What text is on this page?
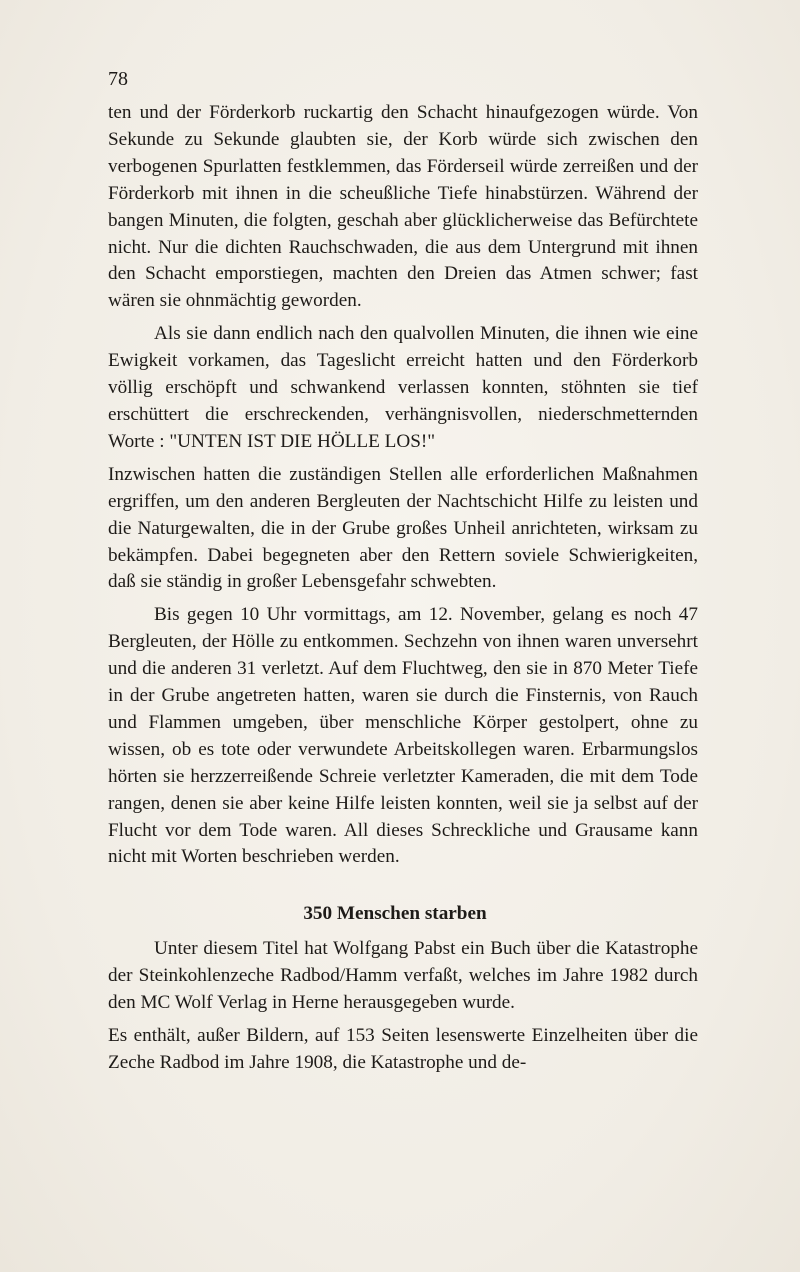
78

ten und der Förderkorb ruckartig den Schacht hinaufgezogen würde. Von Sekunde zu Sekunde glaubten sie, der Korb würde sich zwischen den verbogenen Spurlatten festklemmen, das Förderseil würde zerreißen und der Förderkorb mit ihnen in die scheußliche Tiefe hinabstürzen. Während der bangen Minuten, die folgten, geschah aber glücklicherweise das Befürchtete nicht. Nur die dichten Rauchschwaden, die aus dem Untergrund mit ihnen den Schacht emporstiegen, machten den Dreien das Atmen schwer; fast wären sie ohnmächtig geworden.

Als sie dann endlich nach den qualvollen Minuten, die ihnen wie eine Ewigkeit vorkamen, das Tageslicht erreicht hatten und den Förderkorb völlig erschöpft und schwankend verlassen konnten, stöhnten sie tief erschüttert die erschreckenden, verhängnisvollen, niederschmetternden Worte : "UNTEN IST DIE HÖLLE LOS!"

Inzwischen hatten die zuständigen Stellen alle erforderlichen Maßnahmen ergriffen, um den anderen Bergleuten der Nachtschicht Hilfe zu leisten und die Naturgewalten, die in der Grube großes Unheil anrichteten, wirksam zu bekämpfen. Dabei begegneten aber den Rettern soviele Schwierigkeiten, daß sie ständig in großer Lebensgefahr schwebten.

Bis gegen 10 Uhr vormittags, am 12. November, gelang es noch 47 Bergleuten, der Hölle zu entkommen. Sechzehn von ihnen waren unversehrt und die anderen 31 verletzt. Auf dem Fluchtweg, den sie in 870 Meter Tiefe in der Grube angetreten hatten, waren sie durch die Finsternis, von Rauch und Flammen umgeben, über menschliche Körper gestolpert, ohne zu wissen, ob es tote oder verwundete Arbeitskollegen waren. Erbarmungslos hörten sie herzzerreißende Schreie verletzter Kameraden, die mit dem Tode rangen, denen sie aber keine Hilfe leisten konnten, weil sie ja selbst auf der Flucht vor dem Tode waren. All dieses Schreckliche und Grausame kann nicht mit Worten beschrieben werden.

350 Menschen starben

Unter diesem Titel hat Wolfgang Pabst ein Buch über die Katastrophe der Steinkohlenzeche Radbod/Hamm verfaßt, welches im Jahre 1982 durch den MC Wolf Verlag in Herne herausgegeben wurde.

Es enthält, außer Bildern, auf 153 Seiten lesenswerte Einzelheiten über die Zeche Radbod im Jahre 1908, die Katastrophe und de-
